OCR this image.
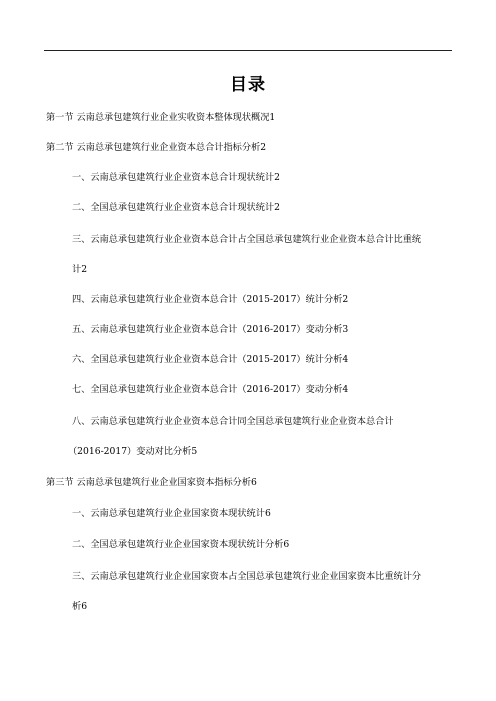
目录
第一节 云南总承包建筑行业企业实收资本整体现状概况 1
第二节 云南总承包建筑行业企业资本总合计指标分析 2
一、云南总承包建筑行业企业资本总合计现状统计 2
二、全国总承包建筑行业企业资本总合计现状统计 2
三、云南总承包建筑行业企业资本总合计占全国总承包建筑行业企业资本总合计比重统
计 2
四、云南总承包建筑行业企业资本总合计（2015-2017）统计分析 2
五、云南总承包建筑行业企业资本总合计（2016-2017）变动分析 3
六、全国总承包建筑行业企业资本总合计（2015-2017）统计分析 4
七、全国总承包建筑行业企业资本总合计（2016-2017）变动分析 4
八、云南总承包建筑行业企业资本总合计同全国总承包建筑行业企业资本总合计
（2016-2017）变动对比分析 5
第三节 云南总承包建筑行业企业国家资本指标分析 6
一、云南总承包建筑行业企业国家资本现状统计 6
二、全国总承包建筑行业企业国家资本现状统计分析 6
三、云南总承包建筑行业企业国家资本占全国总承包建筑行业企业国家资本比重统计分
析 6
